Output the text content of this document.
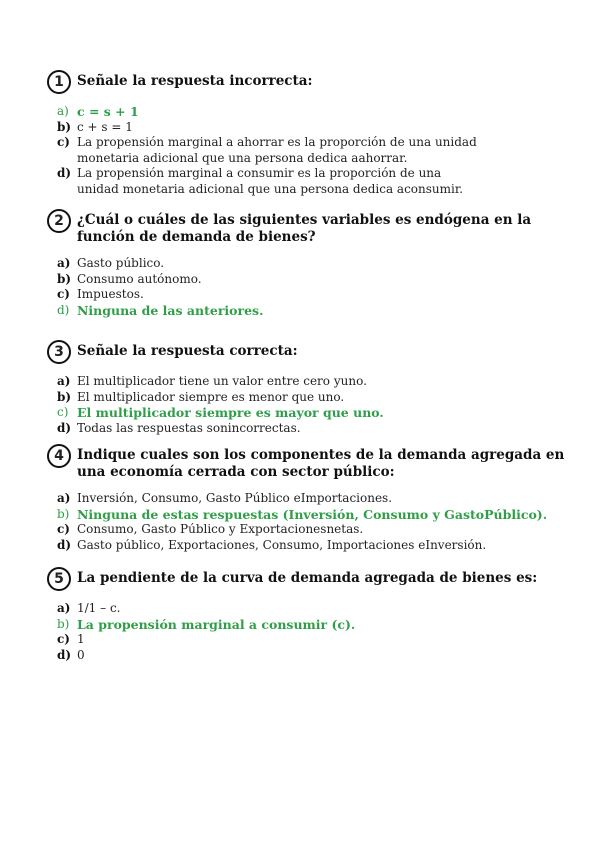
1 Señale la respuesta incorrecta:
a) c = s + 1
b) c + s = 1
c) La propensión marginal a ahorrar es la proporción de una unidad monetaria adicional que una persona dedica aahorrar.
d) La propensión marginal a consumir es la proporción de una unidad monetaria adicional que una persona dedica aconsumir.
2 ¿Cuál o cuáles de las siguientes variables es endógena en la función de demanda de bienes?
a) Gasto público.
b) Consumo autónomo.
c) Impuestos.
d) Ninguna de las anteriores.
3 Señale la respuesta correcta:
a) El multiplicador tiene un valor entre cero yuno.
b) El multiplicador siempre es menor que uno.
c) El multiplicador siempre es mayor que uno.
d) Todas las respuestas sonincorrectas.
4 Indique cuales son los componentes de la demanda agregada en una economía cerrada con sector público:
a) Inversión, Consumo, Gasto Público eImportaciones.
b) Ninguna de estas respuestas (Inversión, Consumo y GastoPúblico).
c) Consumo, Gasto Público y Exportacionesnetas.
d) Gasto público, Exportaciones, Consumo, Importaciones eInversión.
5 La pendiente de la curva de demanda agregada de bienes es:
a) 1/1 – c.
b) La propensión marginal a consumir (c).
c) 1
d) 0
